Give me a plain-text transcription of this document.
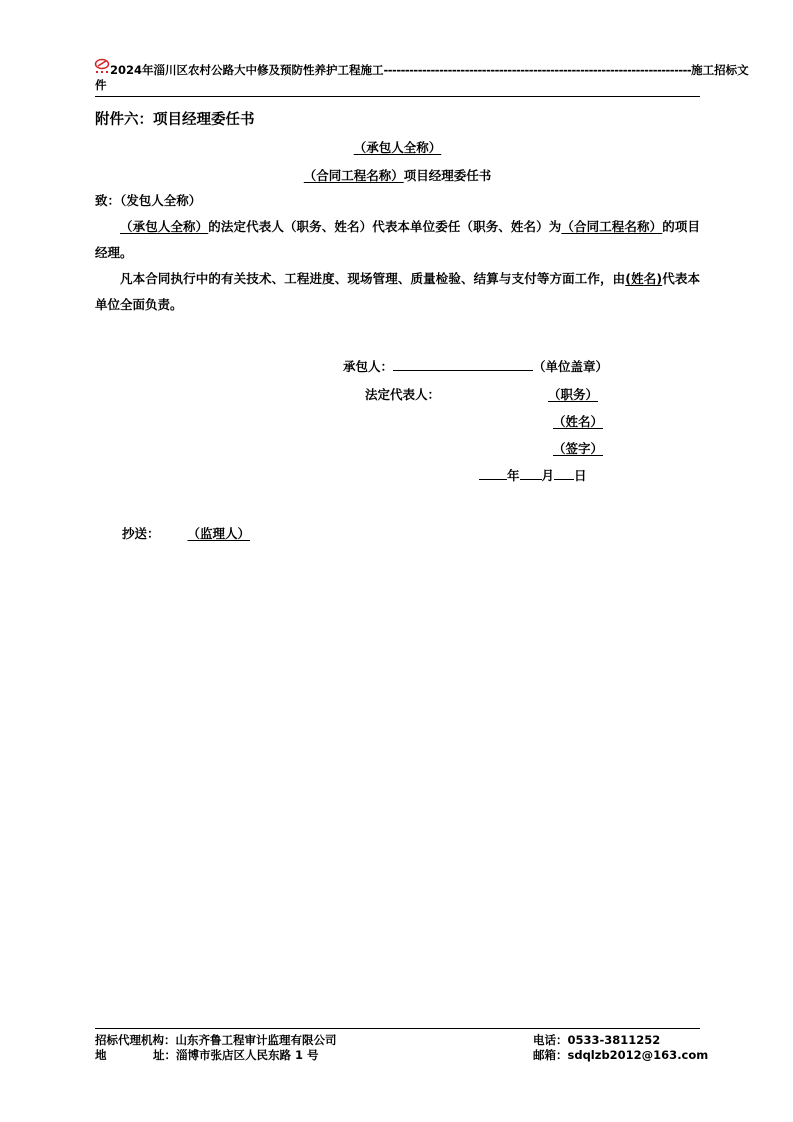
2024年淄川区农村公路大中修及预防性养护工程施工 ------------------------------------------------------------------------ 施工招标文
件
附件六：项目经理委任书
（承包人全称）
（合同工程名称）项目经理委任书
致：（发包人全称）

（承包人全称）的法定代表人（职务、姓名）代表本单位委任（职务、姓名）为（合同工程名称）的项目经理。

凡本合同执行中的有关技术、工程进度、现场管理、质量检验、结算与支付等方面工作，由(姓名)代表本单位全面负责。

承包人：	（单位盖章）
法定代表人：	（职务）
（姓名）
（签字）
年 月 日
抄送： （监理人）
招标代理机构：山东齐鲁工程审计监理有限公司	电话：0533-3811252
地	址：淄博市张店区人民东路 1 号	邮箱：sdqlzb2012@163.com
